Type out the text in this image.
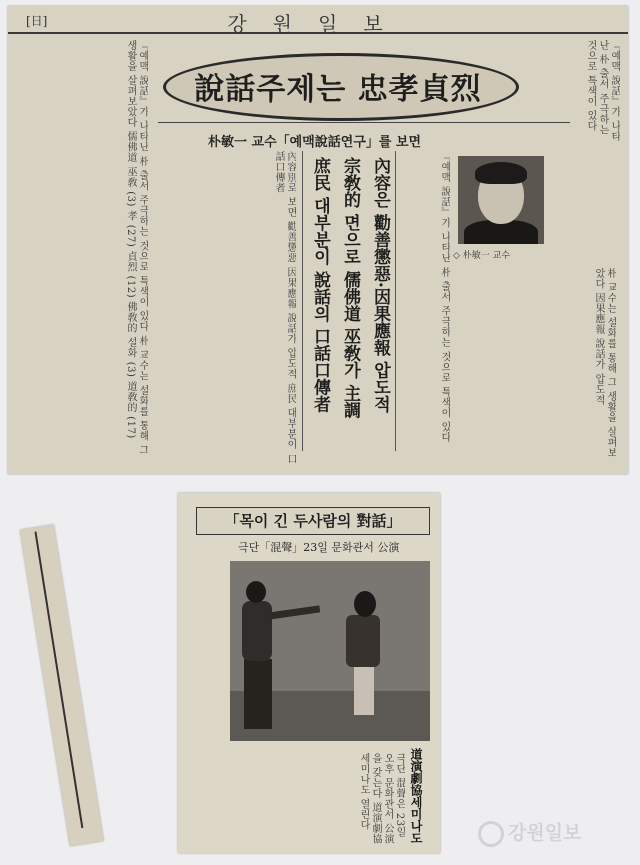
[日]	강원일보
『예맥 說話』가 나타난 朴 출서 주극하는 것으로 특색이 있다 朴 교수는 설화를 통해 그 생활을 살펴보았다 儒佛道 巫敎 (3) 孝 (27) 貞烈 (12) 佛敎的 설화 (3) 道敎的 (17)
說話주제는 忠孝貞烈
朴敏一 교수「예맥說話연구」를 보면
內容別로 보면 勸善懲惡 因果應報 說話가 압도적 庶民 대부분이 口話口傳者	內容은 勸善懲惡·因果應報 압도적
宗敎的 면으로 儒佛道 巫敎가 主調
庶民 대부분이 說話의 口話口傳者	『예맥 說話』가 나타난 朴 출서 주극하는 것으로 특색이 있다 ◇ 朴敏一 교수
朴 교수는 설화를 통해 그 생활을 살펴보았다 因果應報 說話가 압도적
『예맥 說話』가 나타난 朴 출서 주극하는 것으로 특색이 있다
「목이 긴 두사람의 對話」
극단「混聲」23일 문화관서 公演
道演劇協세미나도
극단 混聲은 23일 오후 문화관서 公演을 갖는다 道演劇協 세미나도 열린다
강원일보
